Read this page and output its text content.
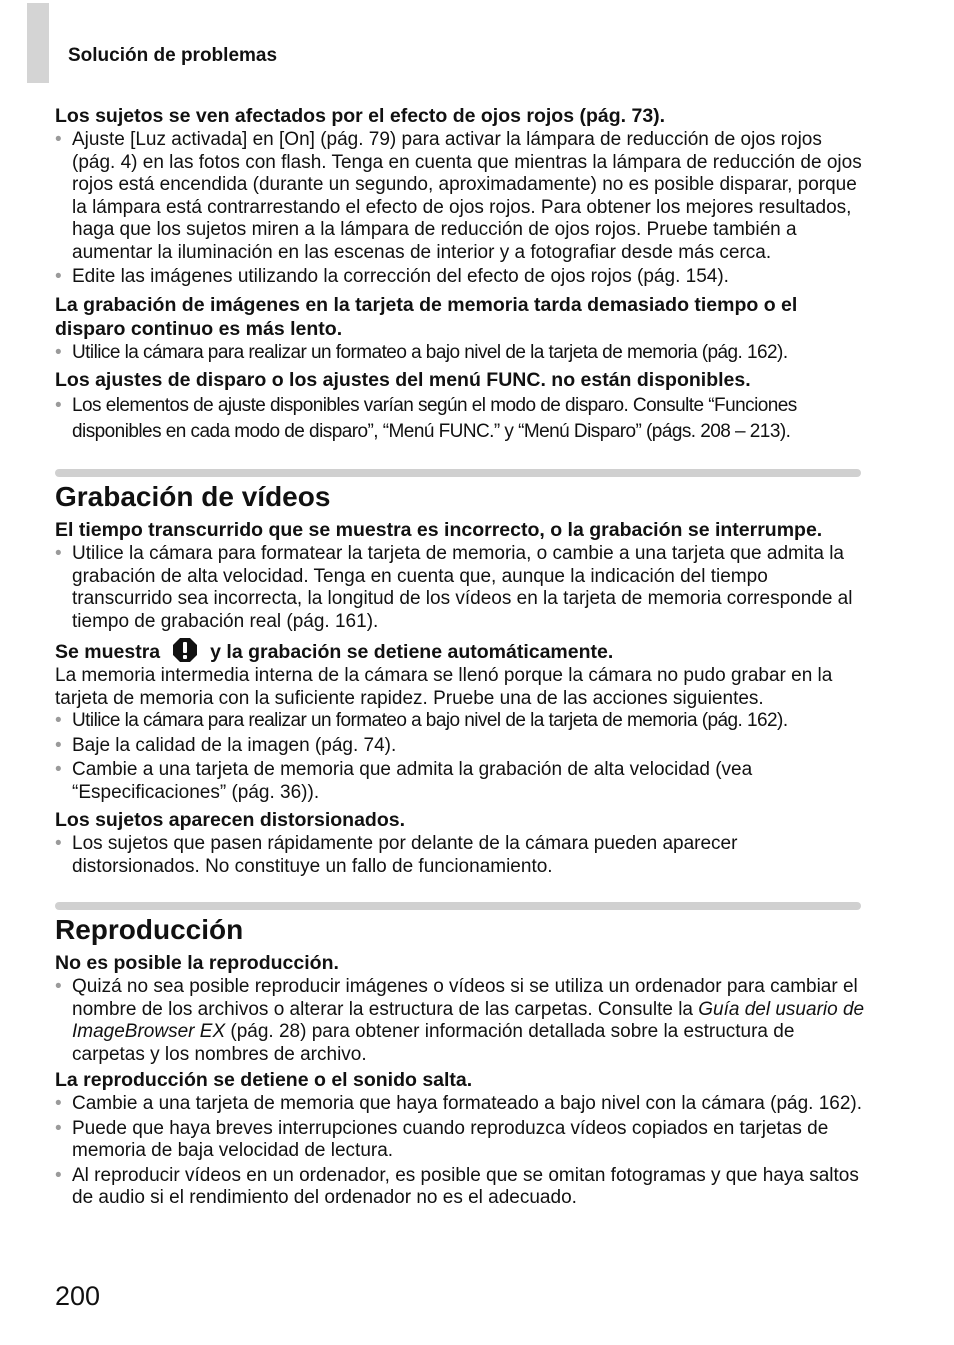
Solución de problemas
Los sujetos se ven afectados por el efecto de ojos rojos (pág. 73).
• Ajuste [Luz activada] en [On] (pág. 79) para activar la lámpara de reducción de ojos rojos (pág. 4) en las fotos con flash. Tenga en cuenta que mientras la lámpara de reducción de ojos rojos está encendida (durante un segundo, aproximadamente) no es posible disparar, porque la lámpara está contrarrestando el efecto de ojos rojos. Para obtener los mejores resultados, haga que los sujetos miren a la lámpara de reducción de ojos rojos. Pruebe también a aumentar la iluminación en las escenas de interior y a fotografiar desde más cerca.
• Edite las imágenes utilizando la corrección del efecto de ojos rojos (pág. 154).
La grabación de imágenes en la tarjeta de memoria tarda demasiado tiempo o el disparo continuo es más lento.
• Utilice la cámara para realizar un formateo a bajo nivel de la tarjeta de memoria (pág. 162).
Los ajustes de disparo o los ajustes del menú FUNC. no están disponibles.
• Los elementos de ajuste disponibles varían según el modo de disparo. Consulte “Funciones disponibles en cada modo de disparo”, “Menú FUNC.” y “Menú Disparo” (págs. 208 – 213).
Grabación de vídeos
El tiempo transcurrido que se muestra es incorrecto, o la grabación se interrumpe.
• Utilice la cámara para formatear la tarjeta de memoria, o cambie a una tarjeta que admita la grabación de alta velocidad. Tenga en cuenta que, aunque la indicación del tiempo transcurrido sea incorrecta, la longitud de los vídeos en la tarjeta de memoria corresponde al tiempo de grabación real (pág. 161).
Se muestra	y la grabación se detiene automáticamente.
La memoria intermedia interna de la cámara se llenó porque la cámara no pudo grabar en la tarjeta de memoria con la suficiente rapidez. Pruebe una de las acciones siguientes.
• Utilice la cámara para realizar un formateo a bajo nivel de la tarjeta de memoria (pág. 162).
• Baje la calidad de la imagen (pág. 74).
• Cambie a una tarjeta de memoria que admita la grabación de alta velocidad (vea “Especificaciones” (pág. 36)).
Los sujetos aparecen distorsionados.
• Los sujetos que pasen rápidamente por delante de la cámara pueden aparecer distorsionados. No constituye un fallo de funcionamiento.
Reproducción
No es posible la reproducción.
• Quizá no sea posible reproducir imágenes o vídeos si se utiliza un ordenador para cambiar el nombre de los archivos o alterar la estructura de las carpetas. Consulte la Guía del usuario de ImageBrowser EX (pág. 28) para obtener información detallada sobre la estructura de carpetas y los nombres de archivo.
La reproducción se detiene o el sonido salta.
• Cambie a una tarjeta de memoria que haya formateado a bajo nivel con la cámara (pág. 162).
• Puede que haya breves interrupciones cuando reproduzca vídeos copiados en tarjetas de memoria de baja velocidad de lectura.
• Al reproducir vídeos en un ordenador, es posible que se omitan fotogramas y que haya saltos de audio si el rendimiento del ordenador no es el adecuado.
200
